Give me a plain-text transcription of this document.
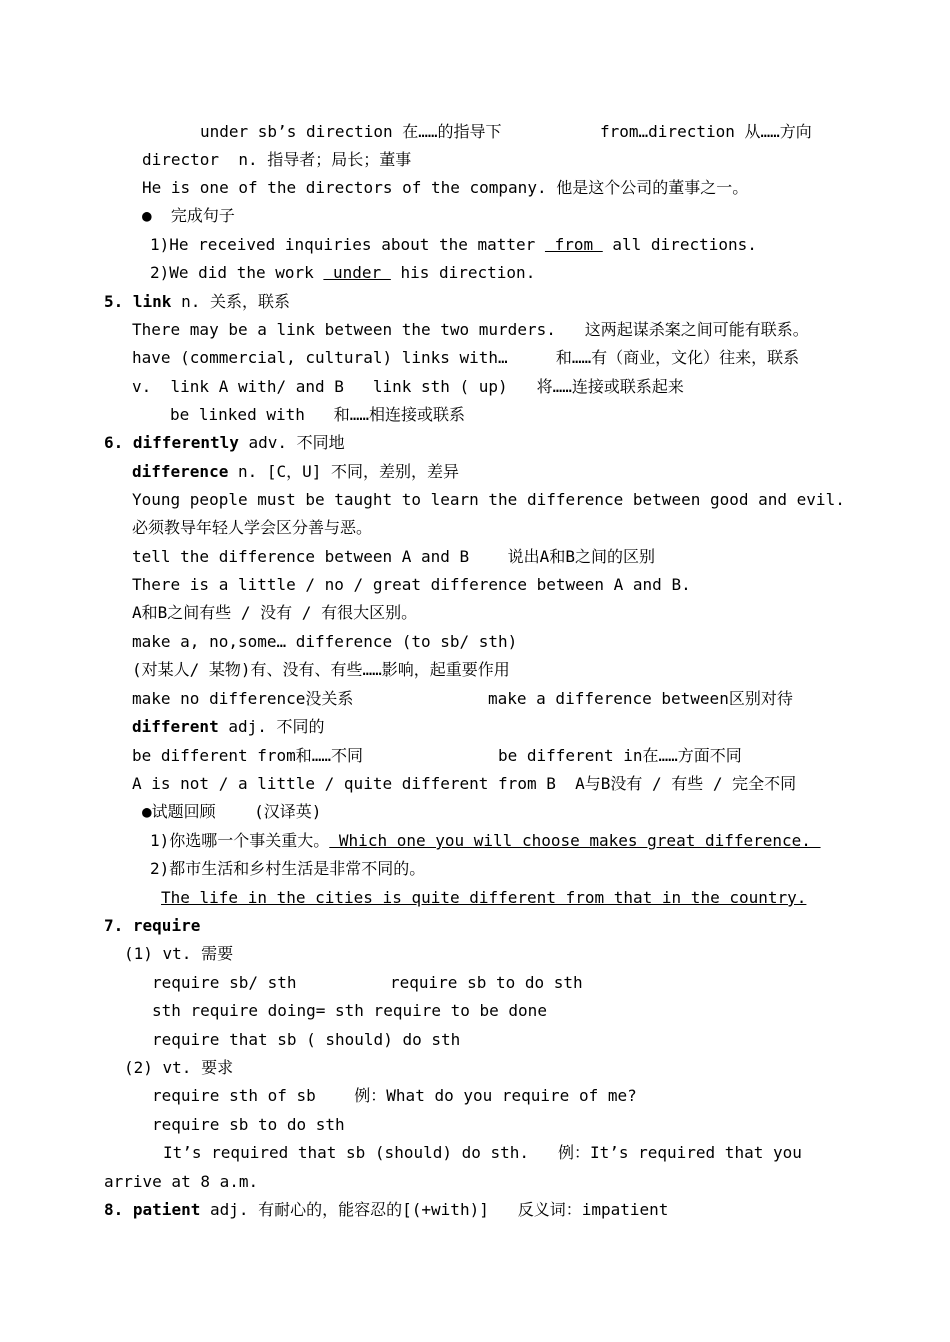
under sb’s direction 在……的指导下	from…direction 从……方向
director  n. 指导者；局长；董事
He is one of the directors of the company. 他是这个公司的董事之一。
● 完成句子
1)He received inquiries about the matter  from  all directions.
2)We did the work  under  his direction.
5. link n. 关系，联系
There may be a link between the two murders.   这两起谋杀案之间可能有联系。
have (commercial, cultural) links with…     和……有（商业，文化）往来，联系
v.  link A with/ and B   link sth ( up)   将……连接或联系起来
be linked with   和……相连接或联系
6. differently adv. 不同地
difference n. [C，U] 不同，差别，差异
Young people must be taught to learn the difference between good and evil.
必须教导年轻人学会区分善与恶。
tell the difference between A and B    说出A和B之间的区别
There is a little / no / great difference between A and B.
A和B之间有些 / 没有 / 有很大区别。
make a, no,some… difference (to sb/ sth)
(对某人/ 某物)有、没有、有些……影响，起重要作用
make no difference没关系	make a difference between区别对待
different adj. 不同的
be different from和……不同	be different in在……方面不同
A is not / a little / quite different from B  A与B没有 / 有些 / 完全不同
●试题回顾    (汉译英)
1)你选哪一个事关重大。 Which one you will choose makes great difference.
2)都市生活和乡村生活是非常不同的。
The life in the cities is quite different from that in the country.
7. require
(1) vt. 需要
require sb/ sth	require sb to do sth
sth require doing= sth require to be done
require that sb ( should) do sth
(2) vt. 要求
require sth of sb    例：What do you require of me?
require sb to do sth
It’s required that sb (should) do sth.   例：It’s required that you
arrive at 8 a.m.
8. patient adj. 有耐心的，能容忍的[(+with)]   反义词：impatient
